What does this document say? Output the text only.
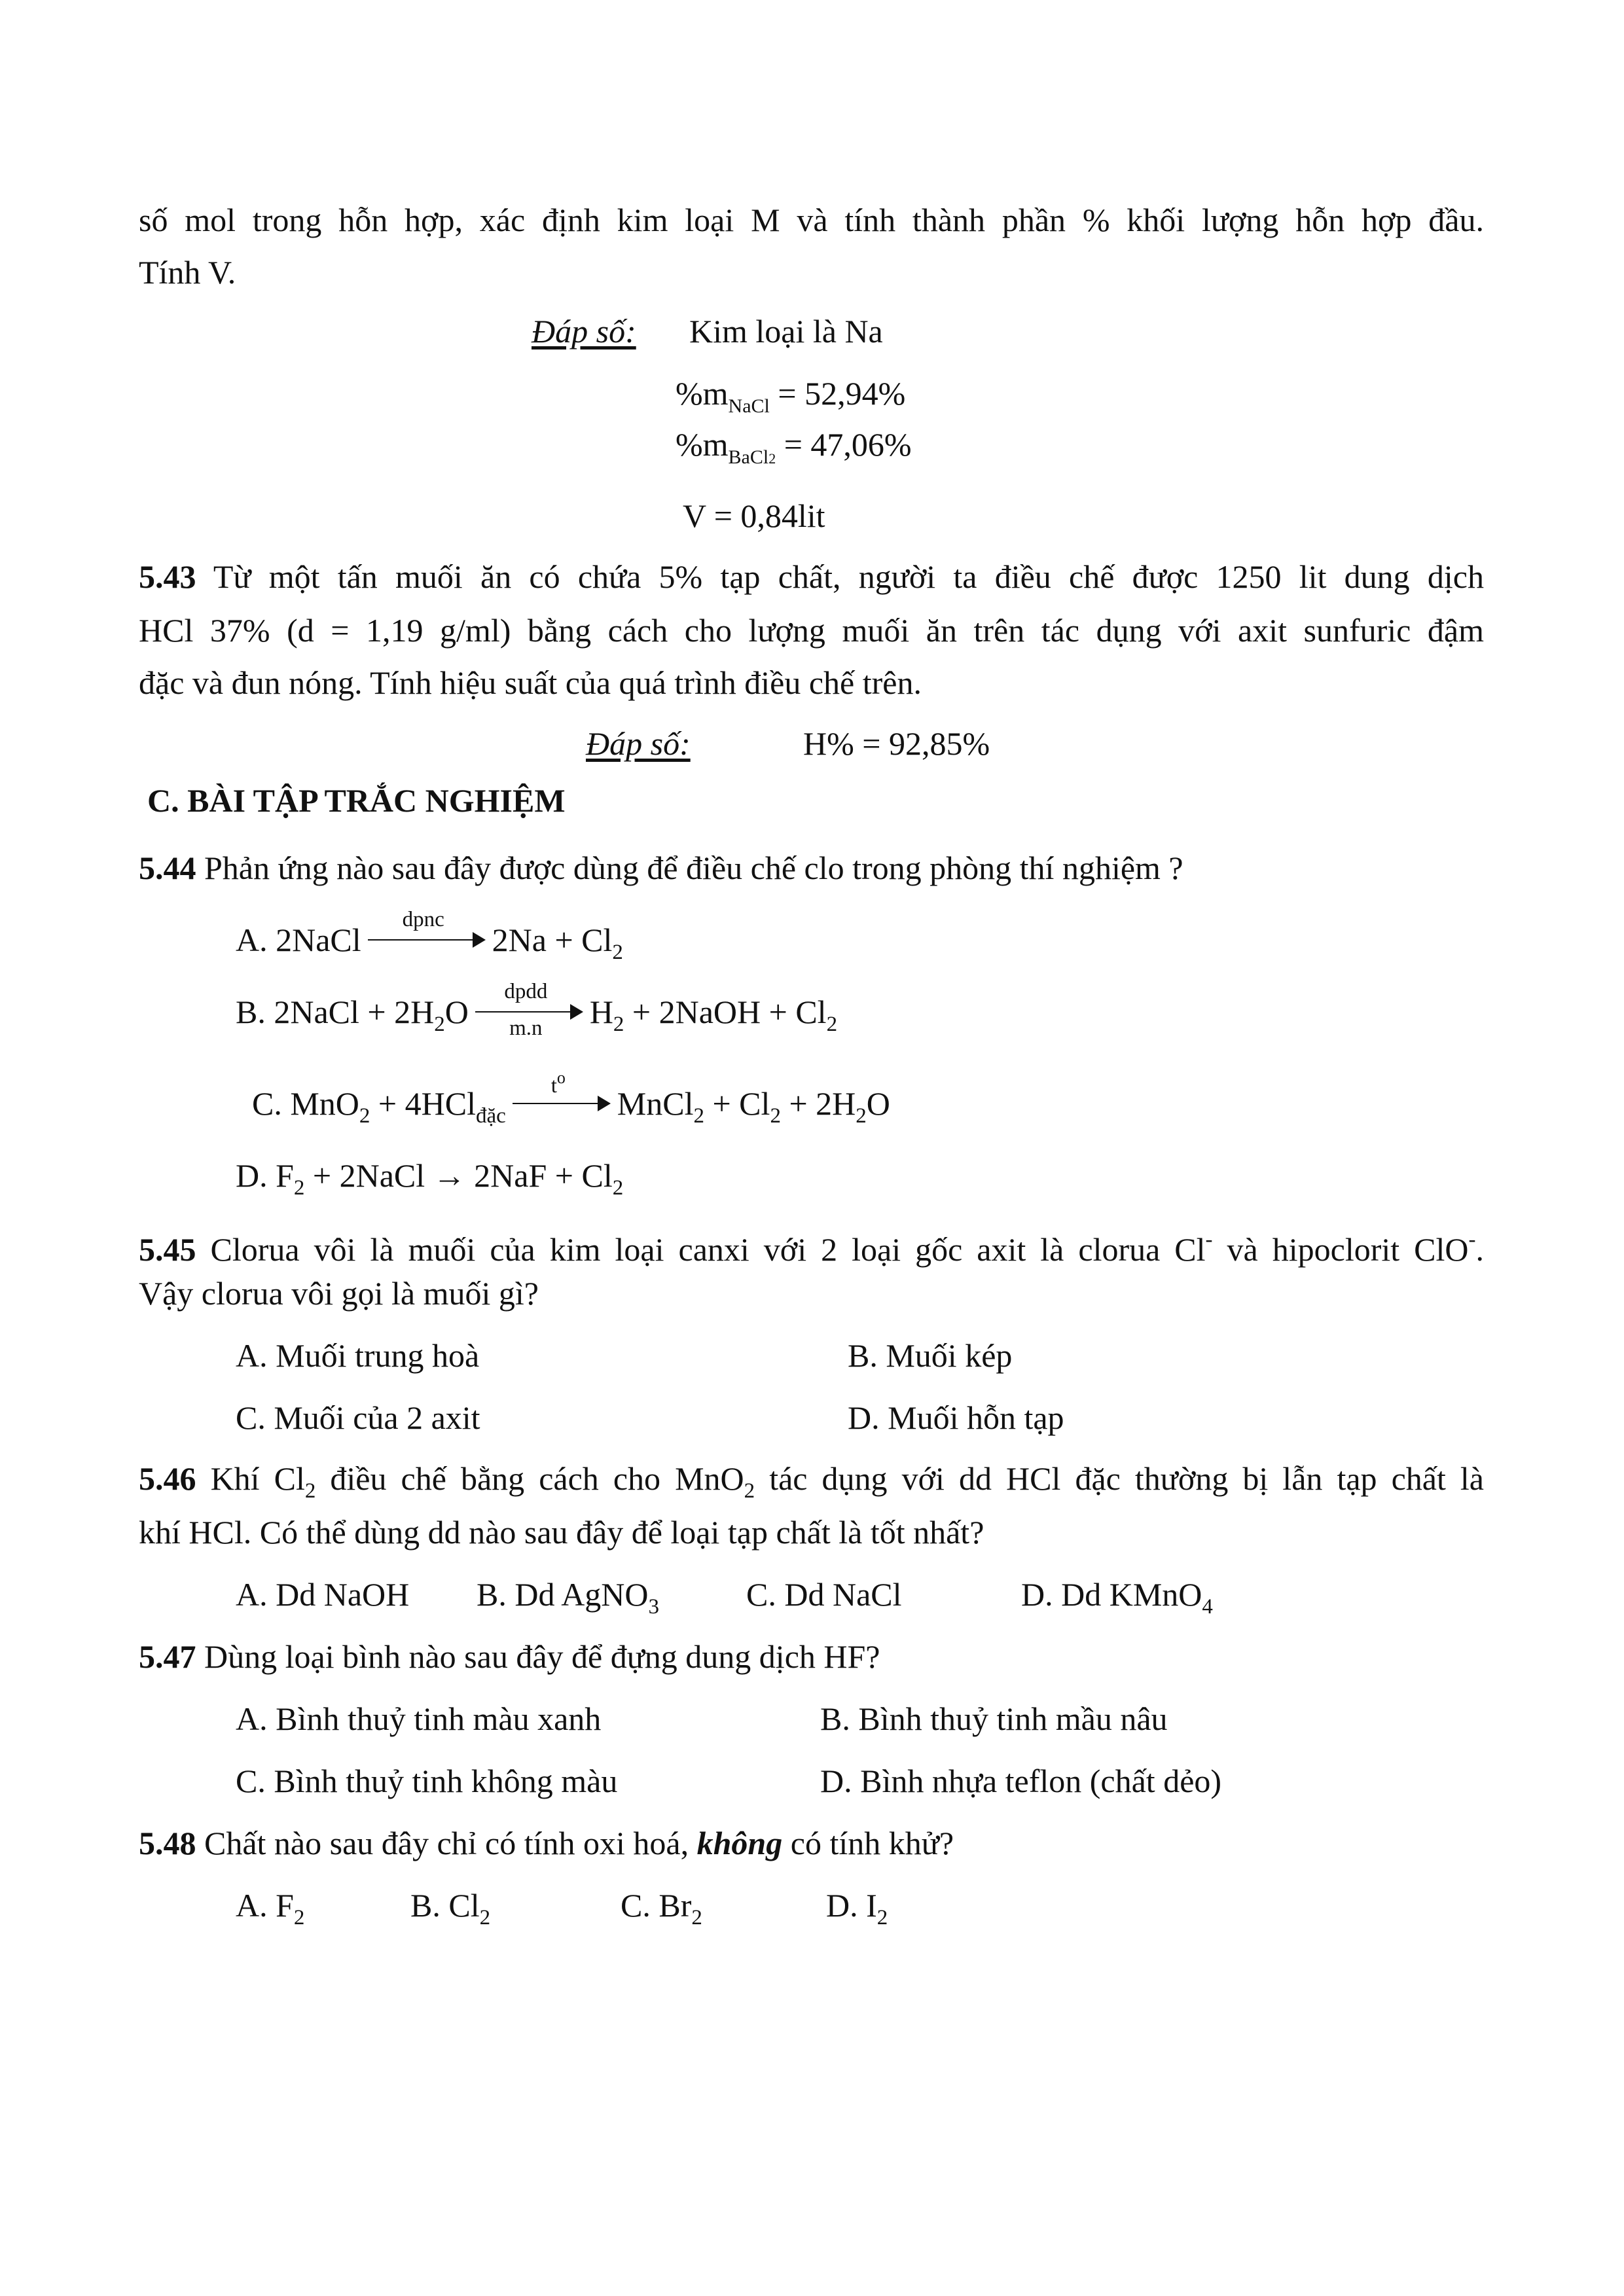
số mol trong hỗn hợp, xác định kim loại M và tính thành phần % khối lượng hỗn hợp đầu.
Tính V.
Đáp số: Kim loại là Na
$\%m_{NaCl} = 52,94\%$
$\%m_{BaCl2} = 47,06\%$
V = 0,84lit
5.43 Từ một tấn muối ăn có chứa 5% tạp chất, người ta điều chế được 1250 lit dung dịch
HCl 37% (d = 1,19 g/ml) bằng cách cho lượng muối ăn trên tác dụng với axit sunfuric đậm
đặc và đun nóng. Tính hiệu suất của quá trình điều chế trên.
Đáp số:	H% = 92,85%
C. BÀI TẬP TRẮC NGHIỆM
5.44 Phản ứng nào sau đây được dùng để điều chế clo trong phòng thí nghiệm ?
A. 2NaCl
dpnc
$2Na + Cl_2$
B. 2NaCl + $2H_2O$
dpdd
m.n	$H_2$ + 2NaOH + $Cl_2$
C. MnO$_2$ + 4HCl$_{đặc}$
$t^o$
MnCl$_2$ + $Cl_2 + 2H_2O$
D. $F_2$ + 2NaCl → $2NaF + Cl_2$
5.45 Clorua vôi là muối của kim loại canxi với 2 loại gốc axit là clorua Cl- và hipoclorit ClO-.
Vậy clorua vôi gọi là muối gì?
A. Muối trung hoà	B. Muối kép
C. Muối của 2 axit	D. Muối hỗn tạp
5.46 Khí $Cl_2$ điều chế bằng cách cho MnO$_2$ tác dụng với dd HCl đặc thường bị lẫn tạp chất là
khí HCl. Có thể dùng dd nào sau đây để loại tạp chất là tốt nhất?
A. Dd NaOH B. Dd AgNO$_3$	C. Dd NaCl	D. Dd KMnO$_4$
5.47 Dùng loại bình nào sau đây để đựng dung dịch HF?
A. Bình thuỷ tinh màu xanh	B. Bình thuỷ tinh mầu nâu
C. Bình thuỷ tinh không màu	D. Bình nhựa teflon (chất dẻo)
5.48 Chất nào sau đây chỉ có tính oxi hoá, không có tính khử?
A. $F_2$	B. $Cl_2$	C. $Br_2$	D. $I_2$
